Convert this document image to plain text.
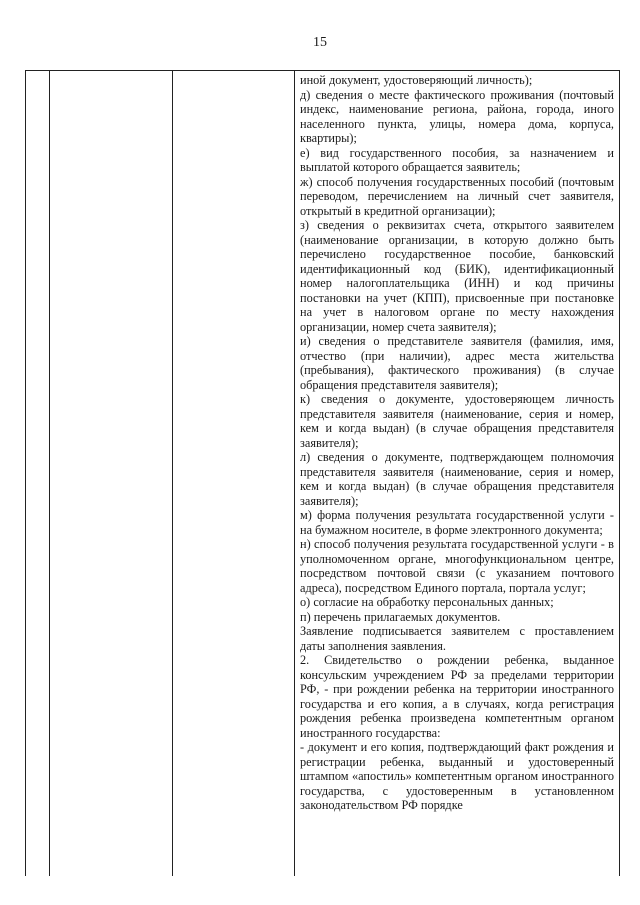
15

иной документ, удостоверяющий личность);

д) сведения о месте фактического проживания (почтовый индекс, наименование региона, района, города, иного населенного пункта, улицы, номера дома, корпуса, квартиры);

е) вид государственного пособия, за назначением и выплатой которого обращается заявитель;

ж) способ получения государственных пособий (почтовым переводом, перечислением на личный счет заявителя, открытый в кредитной организации);

з) сведения о реквизитах счета, открытого заявителем (наименование организации, в которую должно быть перечислено государственное пособие, банковский идентификационный код (БИК), идентификационный номер налогоплательщика (ИНН) и код причины постановки на учет (КПП), присвоенные при постановке на учет в налоговом органе по месту нахождения организации, номер счета заявителя);

и) сведения о представителе заявителя (фамилия, имя, отчество (при наличии), адрес места жительства (пребывания), фактического проживания) (в случае обращения представителя заявителя);

к) сведения о документе, удостоверяющем личность представителя заявителя (наименование, серия и номер, кем и когда выдан) (в случае обращения представителя заявителя);

л) сведения о документе, подтверждающем полномочия представителя заявителя (наименование, серия и номер, кем и когда выдан) (в случае обращения представителя заявителя);

м) форма получения результата государственной услуги - на бумажном носителе, в форме электронного документа;

н) способ получения результата государственной услуги - в уполномоченном органе, многофункциональном центре, посредством почтовой связи (с указанием почтового адреса), посредством Единого портала, портала услуг;

о) согласие на обработку персональных данных;

п) перечень прилагаемых документов.

Заявление подписывается заявителем с проставлением даты заполнения заявления.

2. Свидетельство о рождении ребенка, выданное консульским учреждением РФ за пределами территории РФ, - при рождении ребенка на территории иностранного государства и его копия, а в случаях, когда регистрация рождения ребенка произведена компетентным органом иностранного государства:

- документ и его копия, подтверждающий факт рождения и регистрации ребенка, выданный и удостоверенный штампом «апостиль» компетентным органом иностранного государства, с удостоверенным в установленном законодательством РФ порядке
